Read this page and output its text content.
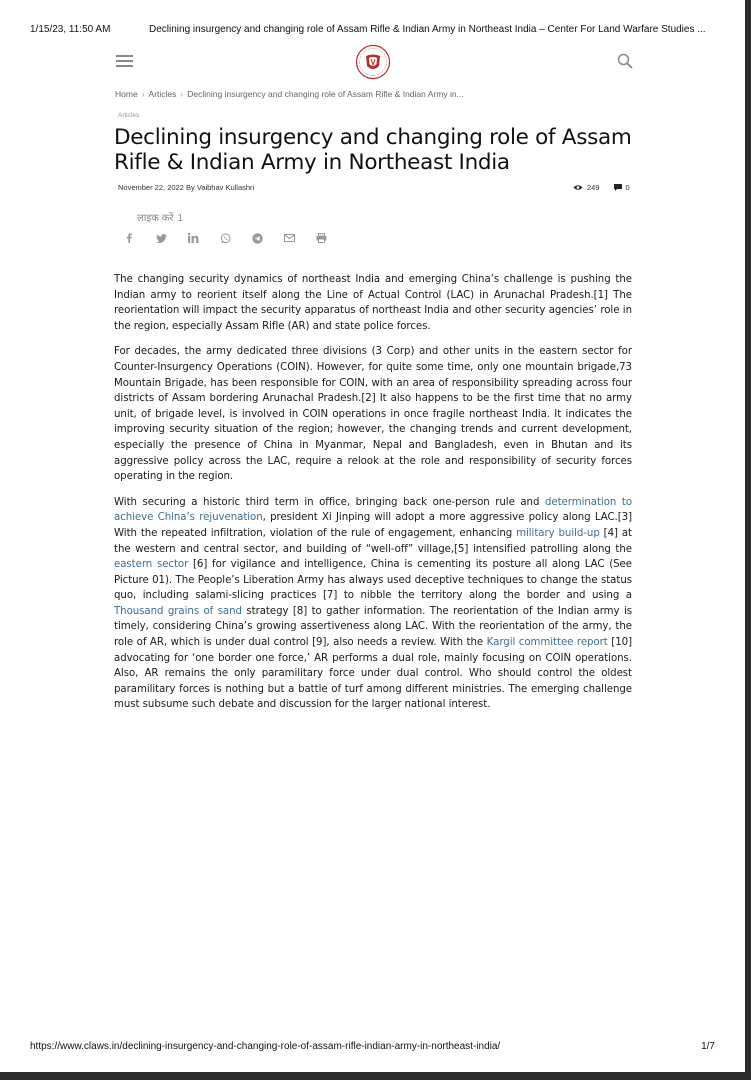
1/15/23, 11:50 AM	Declining insurgency and changing role of Assam Rifle & Indian Army in Northeast India – Center For Land Warfare Studies ...
Home › Articles › Declining insurgency and changing role of Assam Rifle & Indian Army in...
Articles
Declining insurgency and changing role of Assam Rifle & Indian Army in Northeast India
November 22, 2022 By Vaibhav Kullashri	249	0
लाइक करें 1

The changing security dynamics of northeast India and emerging China’s challenge is pushing the Indian army to reorient itself along the Line of Actual Control (LAC) in Arunachal Pradesh.[1] The reorientation will impact the security apparatus of northeast India and other security agencies’ role in the region, especially Assam Rifle (AR) and state police forces.

For decades, the army dedicated three divisions (3 Corp) and other units in the eastern sector for Counter-Insurgency Operations (COIN). However, for quite some time, only one mountain brigade,73 Mountain Brigade, has been responsible for COIN, with an area of responsibility spreading across four districts of Assam bordering Arunachal Pradesh.[2] It also happens to be the first time that no army unit, of brigade level, is involved in COIN operations in once fragile northeast India. It indicates the improving security situation of the region; however, the changing trends and current development, especially the presence of China in Myanmar, Nepal and Bangladesh, even in Bhutan and its aggressive policy across the LAC, require a relook at the role and responsibility of security forces operating in the region.

With securing a historic third term in office, bringing back one-person rule and determination to achieve China’s rejuvenation, president Xi Jinping will adopt a more aggressive policy along LAC.[3] With the repeated infiltration, violation of the rule of engagement, enhancing military build-up [4] at the western and central sector, and building of “well-off” village,[5] intensified patrolling along the eastern sector [6] for vigilance and intelligence, China is cementing its posture all along LAC (See Picture 01). The People’s Liberation Army has always used deceptive techniques to change the status quo, including salami-slicing practices [7] to nibble the territory along the border and using a Thousand grains of sand strategy [8] to gather information. The reorientation of the Indian army is timely, considering China’s growing assertiveness along LAC. With the reorientation of the army, the role of AR, which is under dual control [9], also needs a review. With the Kargil committee report [10] advocating for ‘one border one force,’ AR performs a dual role, mainly focusing on COIN operations. Also, AR remains the only paramilitary force under dual control. Who should control the oldest paramilitary forces is nothing but a battle of turf among different ministries. The emerging challenge must subsume such debate and discussion for the larger national interest.

https://www.claws.in/declining-insurgency-and-changing-role-of-assam-rifle-indian-army-in-northeast-india/	1/7
